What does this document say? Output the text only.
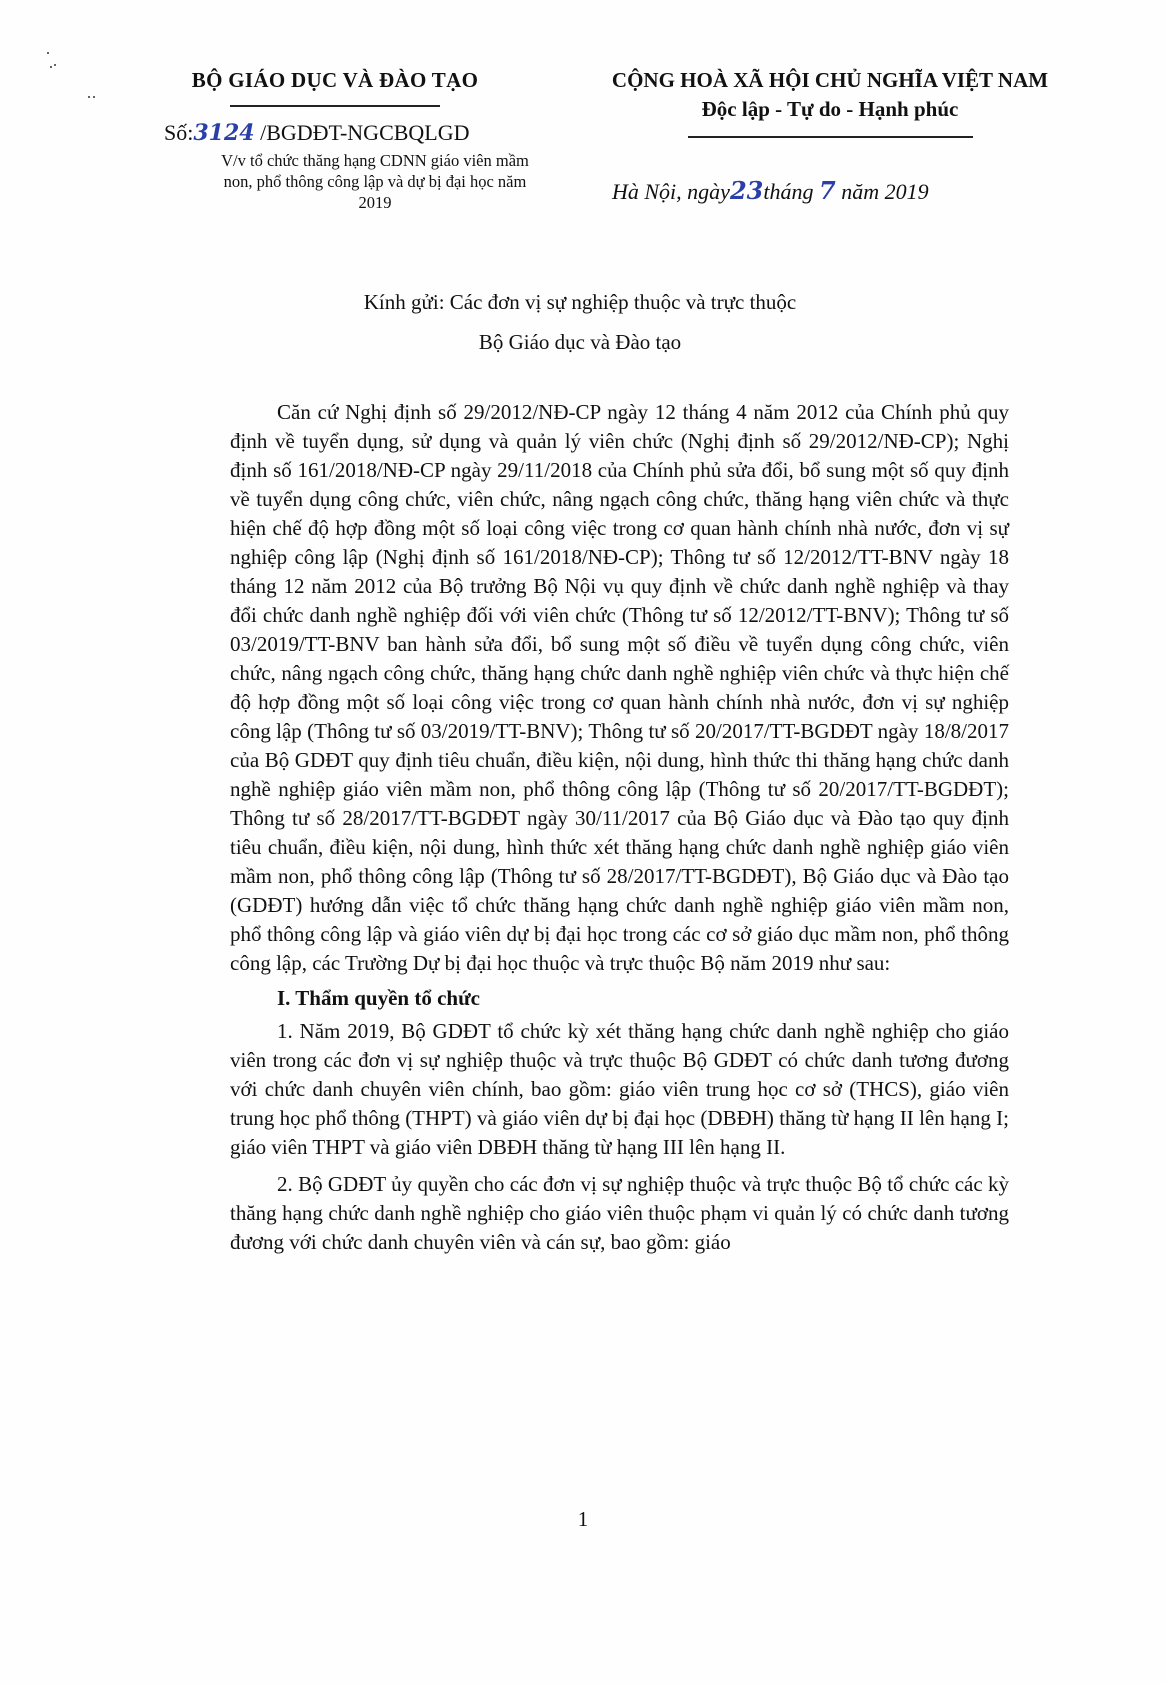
BỘ GIÁO DỤC VÀ ĐÀO TẠO
Số:3124 /BGDĐT-NGCBQLGD
V/v tổ chức thăng hạng CDNN giáo viên mầm non, phổ thông công lập và dự bị đại học năm 2019
CỘNG HOÀ XÃ HỘI CHỦ NGHĨA VIỆT NAM
Độc lập - Tự do - Hạnh phúc
Hà Nội, ngày23tháng 7 năm 2019
Kính gửi: Các đơn vị sự nghiệp thuộc và trực thuộc
Bộ Giáo dục và Đào tạo

Căn cứ Nghị định số 29/2012/NĐ-CP ngày 12 tháng 4 năm 2012 của Chính phủ quy định về tuyển dụng, sử dụng và quản lý viên chức (Nghị định số 29/2012/NĐ-CP); Nghị định số 161/2018/NĐ-CP ngày 29/11/2018 của Chính phủ sửa đổi, bổ sung một số quy định về tuyển dụng công chức, viên chức, nâng ngạch công chức, thăng hạng viên chức và thực hiện chế độ hợp đồng một số loại công việc trong cơ quan hành chính nhà nước, đơn vị sự nghiệp công lập (Nghị định số 161/2018/NĐ-CP); Thông tư số 12/2012/TT-BNV ngày 18 tháng 12 năm 2012 của Bộ trưởng Bộ Nội vụ quy định về chức danh nghề nghiệp và thay đổi chức danh nghề nghiệp đối với viên chức (Thông tư số 12/2012/TT-BNV); Thông tư số 03/2019/TT-BNV ban hành sửa đổi, bổ sung một số điều về tuyển dụng công chức, viên chức, nâng ngạch công chức, thăng hạng chức danh nghề nghiệp viên chức và thực hiện chế độ hợp đồng một số loại công việc trong cơ quan hành chính nhà nước, đơn vị sự nghiệp công lập (Thông tư số 03/2019/TT-BNV); Thông tư số 20/2017/TT-BGDĐT ngày 18/8/2017 của Bộ GDĐT quy định tiêu chuẩn, điều kiện, nội dung, hình thức thi thăng hạng chức danh nghề nghiệp giáo viên mầm non, phổ thông công lập (Thông tư số 20/2017/TT-BGDĐT); Thông tư số 28/2017/TT-BGDĐT ngày 30/11/2017 của Bộ Giáo dục và Đào tạo quy định tiêu chuẩn, điều kiện, nội dung, hình thức xét thăng hạng chức danh nghề nghiệp giáo viên mầm non, phổ thông công lập (Thông tư số 28/2017/TT-BGDĐT), Bộ Giáo dục và Đào tạo (GDĐT) hướng dẫn việc tổ chức thăng hạng chức danh nghề nghiệp giáo viên mầm non, phổ thông công lập và giáo viên dự bị đại học trong các cơ sở giáo dục mầm non, phổ thông công lập, các Trường Dự bị đại học thuộc và trực thuộc Bộ năm 2019 như sau:

I. Thẩm quyền tổ chức

1. Năm 2019, Bộ GDĐT tổ chức kỳ xét thăng hạng chức danh nghề nghiệp cho giáo viên trong các đơn vị sự nghiệp thuộc và trực thuộc Bộ GDĐT có chức danh tương đương với chức danh chuyên viên chính, bao gồm: giáo viên trung học cơ sở (THCS), giáo viên trung học phổ thông (THPT) và giáo viên dự bị đại học (DBĐH) thăng từ hạng II lên hạng I; giáo viên THPT và giáo viên DBĐH thăng từ hạng III lên hạng II.

2. Bộ GDĐT ủy quyền cho các đơn vị sự nghiệp thuộc và trực thuộc Bộ tổ chức các kỳ thăng hạng chức danh nghề nghiệp cho giáo viên thuộc phạm vi quản lý có chức danh tương đương với chức danh chuyên viên và cán sự, bao gồm: giáo

1
